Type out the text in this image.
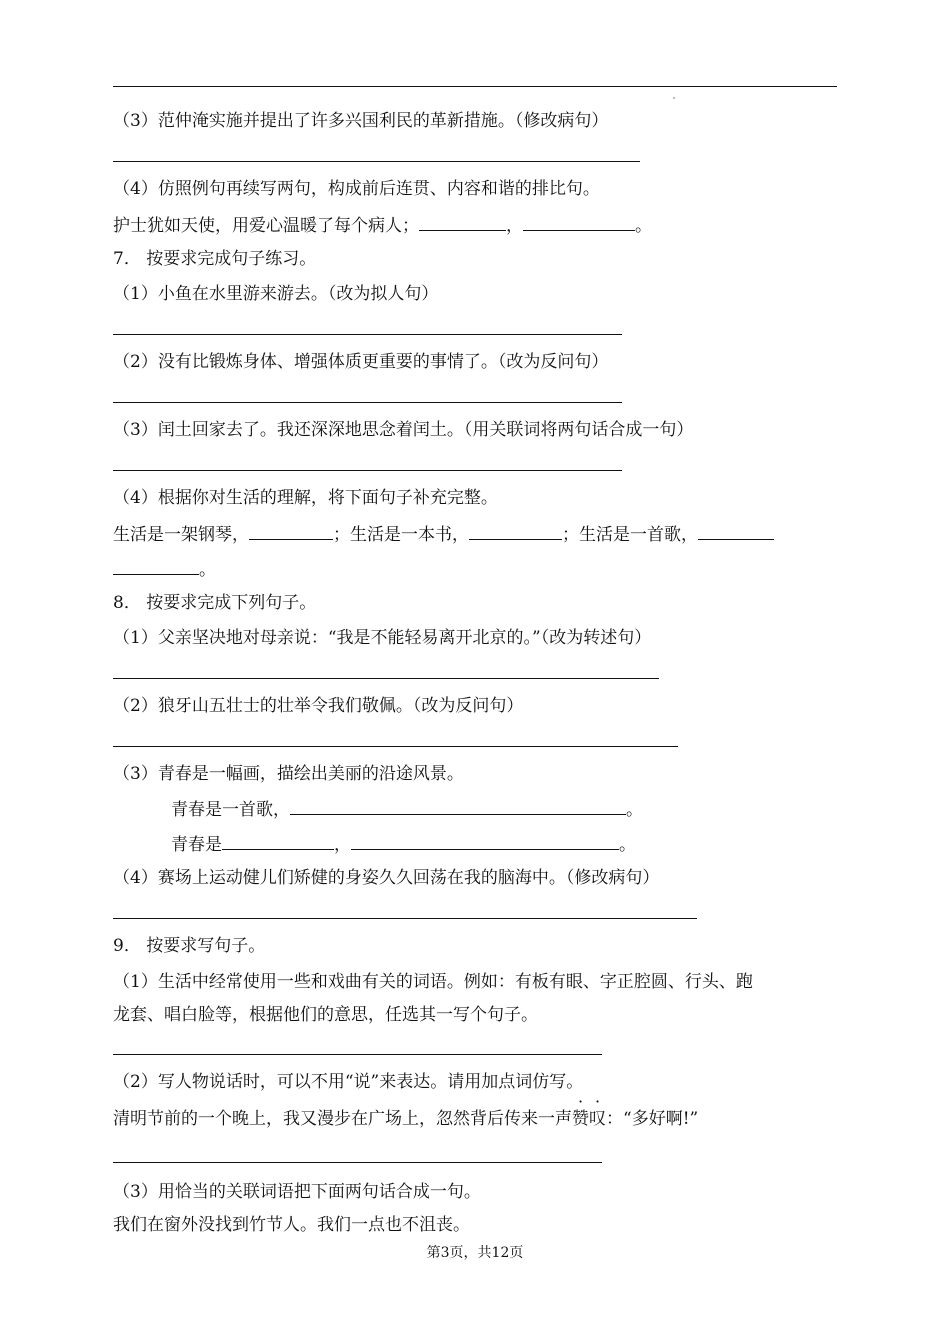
（3）范仲淹实施并提出了许多兴国利民的革新措施。（修改病句）
（4）仿照例句再续写两句，构成前后连贯、内容和谐的排比句。
护士犹如天使，用爱心温暖了每个病人；	，	。
7． 按要求完成句子练习。
（1）小鱼在水里游来游去。（改为拟人句）
（2）没有比锻炼身体、增强体质更重要的事情了。（改为反问句）
（3）闰土回家去了。我还深深地思念着闰土。（用关联词将两句话合成一句）
（4）根据你对生活的理解，将下面句子补充完整。
生活是一架钢琴，	；生活是一本书，	；生活是一首歌，
。
8． 按要求完成下列句子。
（1）父亲坚决地对母亲说：“我是不能轻易离开北京的。”（改为转述句）
（2）狼牙山五壮士的壮举令我们敬佩。（改为反问句）
（3）青春是一幅画，描绘出美丽的沿途风景。
青春是一首歌，	。
青春是	，	。
（4）赛场上运动健儿们矫健的身姿久久回荡在我的脑海中。（修改病句）
9． 按要求写句子。
（1）生活中经常使用一些和戏曲有关的词语。例如：有板有眼、字正腔圆、行头、跑
龙套、唱白脸等，根据他们的意思，任选其一写个句子。
（2）写人物说话时，可以不用“说”来表达。请用加点词仿写。
清明节前的一个晚上，我又漫步在广场上，忽然背后传来一声赞叹：“多好啊!”
（3）用恰当的关联词语把下面两句话合成一句。
我们在窗外没找到竹节人。我们一点也不沮丧。
第3页，共12页
